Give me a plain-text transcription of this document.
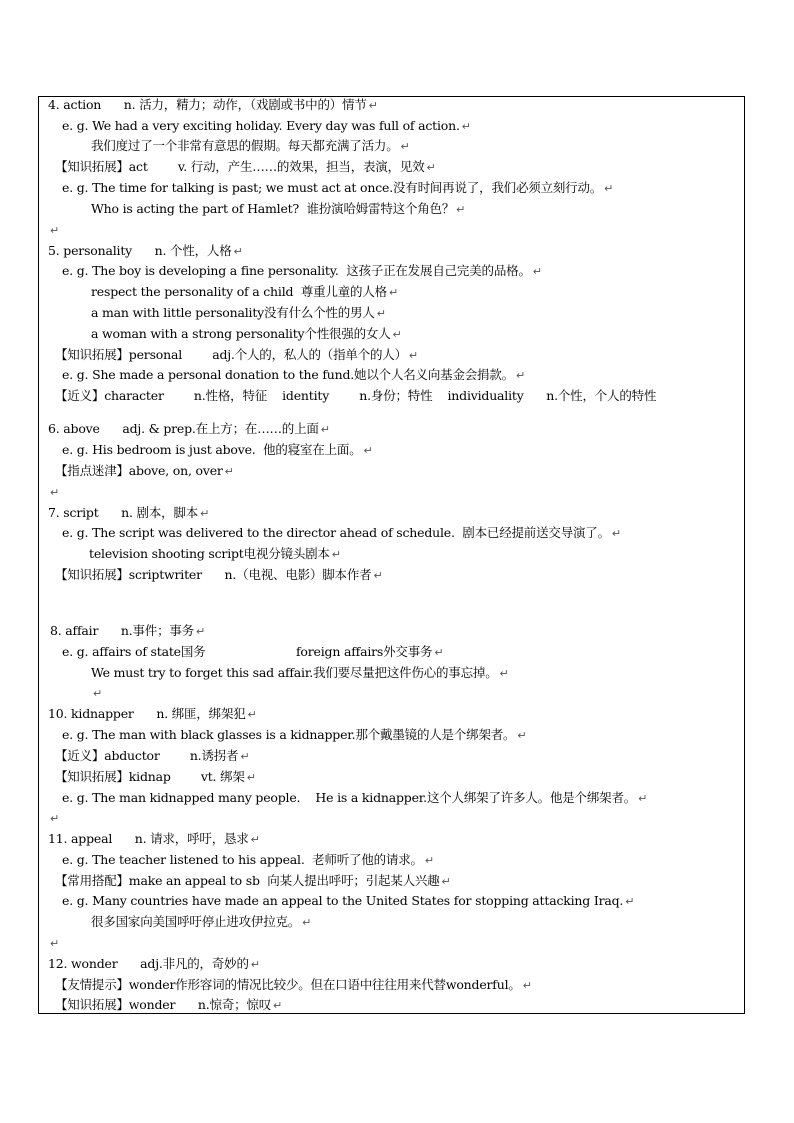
4. action      n. 活力，精力；动作，（戏剧或书中的）情节 ↵
e. g. We had a very exciting holiday. Every day was full of action. ↵
我们度过了一个非常有意思的假期。每天都充满了活力。 ↵
【知识拓展】act        v. 行动，产生……的效果，担当，表演，见效 ↵
e. g. The time for talking is past; we must act at once.没有时间再说了，我们必须立刻行动。 ↵
Who is acting the part of Hamlet?  谁扮演哈姆雷特这个角色？ ↵
↵
5. personality      n. 个性，人格 ↵
e. g. The boy is developing a fine personality.  这孩子正在发展自己完美的品格。 ↵
respect the personality of a child  尊重儿童的人格 ↵
a man with little personality没有什么个性的男人 ↵
a woman with a strong personality个性很强的女人 ↵
【知识拓展】personal        adj.个人的，私人的（指单个的人） ↵
e. g. She made a personal donation to the fund.她以个人名义向基金会捐款。 ↵
【近义】character        n.性格，特征    identity        n.身份；特性    individuality      n.个性，个人的特性
6. above      adj. & prep.在上方；在……的上面 ↵
e. g. His bedroom is just above.  他的寝室在上面。 ↵
【指点迷津】above, on, over ↵
↵
7. script      n. 剧本，脚本 ↵
e. g. The script was delivered to the director ahead of schedule.  剧本已经提前送交导演了。 ↵
television shooting script电视分镜头剧本 ↵
【知识拓展】scriptwriter      n.（电视、电影）脚本作者 ↵
8. affair      n.事件；事务 ↵
e. g. affairs of state国务                        foreign affairs外交事务 ↵
We must try to forget this sad affair.我们要尽量把这件伤心的事忘掉。 ↵
↵
10. kidnapper      n. 绑匪，绑架犯 ↵
e. g. The man with black glasses is a kidnapper.那个戴墨镜的人是个绑架者。 ↵
【近义】abductor        n.诱拐者 ↵
【知识拓展】kidnap        vt. 绑架 ↵
e. g. The man kidnapped many people.    He is a kidnapper.这个人绑架了许多人。他是个绑架者。 ↵
↵
11. appeal      n. 请求，呼吁，恳求 ↵
e. g. The teacher listened to his appeal.  老师听了他的请求。 ↵
【常用搭配】make an appeal to sb  向某人提出呼吁；引起某人兴趣 ↵
e. g. Many countries have made an appeal to the United States for stopping attacking Iraq. ↵
很多国家向美国呼吁停止进攻伊拉克。 ↵
↵
12. wonder      adj.非凡的，奇妙的 ↵
【友情提示】wonder作形容词的情况比较少。但在口语中往往用来代替wonderful。 ↵
【知识拓展】wonder      n.惊奇；惊叹 ↵
